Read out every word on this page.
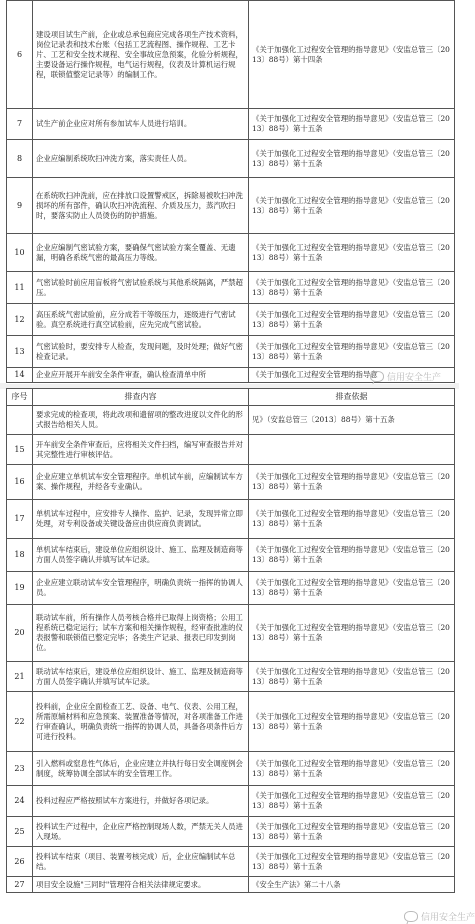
6	建设项目试生产前，企业或总承包商应完成各项生产技术资料，岗位记录表和技术台账（包括工艺流程图、操作规程、工艺卡片、工艺和安全技术规程、安全事故应急预案，化验分析规程，主要设备运行操作规程，电气运行规程，仪表及计算机运行规程，联锁值整定记录等）的编制工作。	《关于加强化工过程安全管理的指导意见》（安监总管三〔2013〕88号）第十四条
7	试生产前企业应对所有参加试车人员进行培训。	《关于加强化工过程安全管理的指导意见》（安监总管三〔2013〕88号）第十五条
8	企业应编制系统吹扫冲洗方案，落实责任人员。	《关于加强化工过程安全管理的指导意见》（安监总管三〔2013〕88号）第十五条
9	在系统吹扫冲洗前，应在排放口设置警戒区，拆除易被吹扫冲洗损坏的所有部件，确认吹扫冲洗流程、介质及压力，蒸汽吹扫时，要落实防止人员烫伤的防护措施。	《关于加强化工过程安全管理的指导意见》（安监总管三〔2013〕88号）第十五条
10	企业应编制气密试验方案，要确保气密试验方案全覆盖、无遗漏，明确各系统气密的最高压力等级。	《关于加强化工过程安全管理的指导意见》（安监总管三〔2013〕88号）第十五条
11	气密试验时前应用盲板将气密试验系统与其他系统隔离，严禁超压。	《关于加强化工过程安全管理的指导意见》（安监总管三〔2013〕88号）第十五条
12	高压系统气密试验前，应分成若干等级压力，逐级进行气密试验。真空系统进行真空试验前，应先完成气密试验。	《关于加强化工过程安全管理的指导意见》（安监总管三〔2013〕88号）第十五条
13	气密试验时，要安排专人检查，发现问题，及时处理；做好气密检查记录。	《关于加强化工过程安全管理的指导意见》（安监总管三〔2013〕88号）第十五条
14	企业应开展开车前安全条件审查，确认检查清单中所	《关于加强化工过程安全管理的指导意 信用安全生产
序号	排查内容	排查依据
	要求完成的检查项，将此改项和遗留项的整改进度以文件化的形式报告给相关人员。	见》（安监总管三〔2013〕88号）第十五条
15	开车前安全条件审查后，应将相关文件扫档，编写审查报告并对其完整性进行审核评估。	
16	企业应建立单机试车安全管理程序。单机试车前，应编制试车方案、操作规程，并经各专业确认。	《关于加强化工过程安全管理的指导意见》（安监总管三〔2013〕88号）第十五条
17	单机试车过程中，应安排专人操作、监护、记录，发现异常立即处理，对专利设备或关键设备应由供应商负责调试。	《关于加强化工过程安全管理的指导意见》（安监总管三〔2013〕88号）第十五条
18	单机试车结束后，建设单位应组织设计、施工、监理及制造商等方面人员签字确认并填写试车记录。	《关于加强化工过程安全管理的指导意见》（安监总管三〔2013〕88号）第十五条
19	企业应建立联动试车安全管理程序，明确负责统一指挥的协调人员。	《关于加强化工过程安全管理的指导意见》（安监总管三〔2013〕88号）第十五条
20	联动试车前，所有操作人员考核合格并已取得上岗资格；公用工程系统已稳定运行；试车方案和相关操作规程，经审查批准的仪表报警和联锁值已整定完毕；各类生产记录、报表已印发到岗位。	《关于加强化工过程安全管理的指导意见》（安监总管三〔2013〕88号）第十五条
21	联动试车结束后，建设单位应组织设计、施工、监理及制造商等方面人员签字确认并填写试车记录。	《关于加强化工过程安全管理的指导意见》（安监总管三〔2013〕88号）第十五条
22	投料前，企业应全面检查工艺、设备、电气、仪表、公用工程，所需原辅材料和应急预案、装置准备等情况，对各项准备工作进行审查确认，明确负责统一指挥的协调人员，具备各项条件后方可进行投料。	《关于加强化工过程安全管理的指导意见》（安监总管三〔2013〕88号）第十五条
23	引入燃料或窒息性气体后，企业应建立并执行每日安全调度例会制度，统筹协调全部试车的安全管理工作。	《关于加强化工过程安全管理的指导意见》（安监总管三〔2013〕88号）第十五条
24	投料过程应严格按照试车方案进行，并做好各项记录。	《关于加强化工过程安全管理的指导意见》（安监总管三〔2013〕88号）第十五条
25	投料试生产过程中，企业应严格控制现场人数，严禁无关人员进入现场。	《关于加强化工过程安全管理的指导意见》（安监总管三〔2013〕88号）第十五条
26	投料试车结束（项目、装置考核完成）后，企业应编制试车总结。	《关于加强化工过程安全管理的指导意见》（安监总管三〔2013〕88号）第十五条
27	项目安全设施"三同时"管理符合相关法律规定要求。	《安全生产法》第二十八条
信用安全生产
